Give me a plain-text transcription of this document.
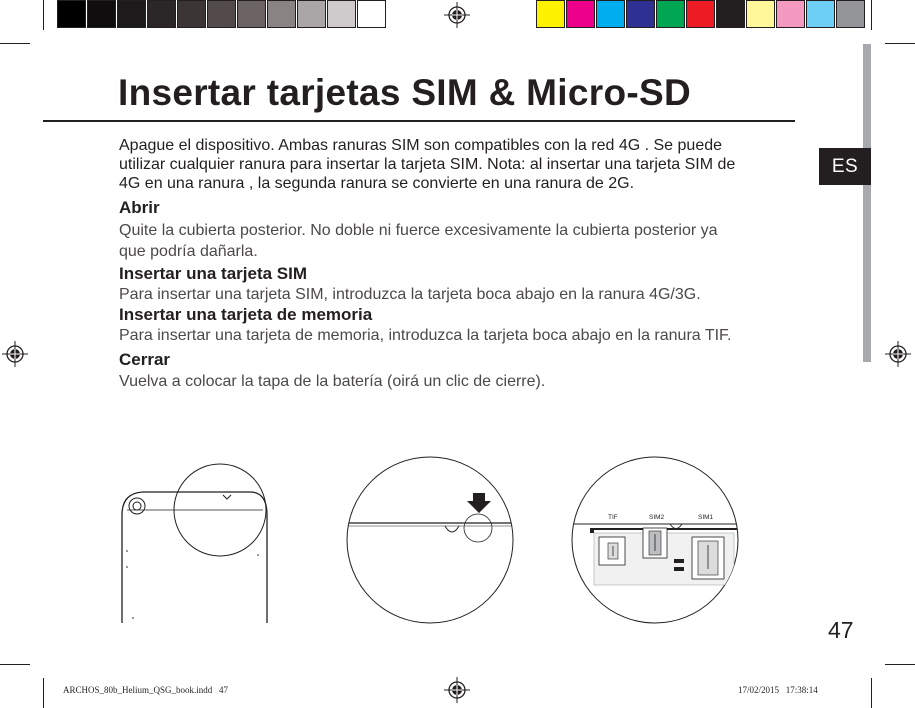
Insertar tarjetas SIM & Micro-SD
Apague el dispositivo. Ambas ranuras SIM son compatibles con la red 4G . Se puede
utilizar cualquier ranura para insertar la tarjeta SIM. Nota: al insertar una tarjeta SIM de
4G en una ranura , la segunda ranura se convierte en una ranura de 2G.
Abrir
Quite la cubierta posterior. No doble ni fuerce excesivamente la cubierta posterior ya
que podría dañarla.
Insertar una tarjeta SIM
Para insertar una tarjeta SIM, introduzca la tarjeta boca abajo en la ranura 4G/3G.
Insertar una tarjeta de memoria
Para insertar una tarjeta de memoria, introduzca la tarjeta boca abajo en la ranura TIF.
Cerrar
Vuelva a colocar la tapa de la batería (oirá un clic de cierre).
ES
TIF	SIM2	SIM1
47
ARCHOS_80b_Helium_QSG_book.indd   47	17/02/2015   17:38:14
